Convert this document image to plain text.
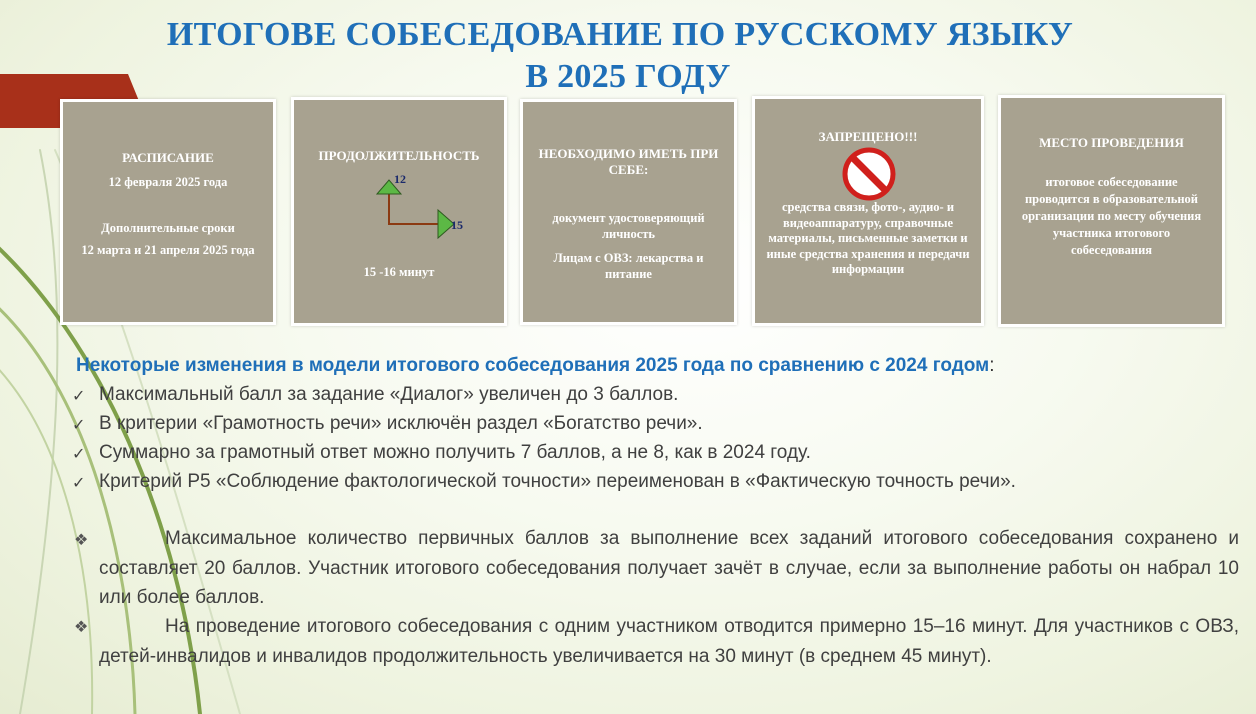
ИТОГОВЕ СОБЕСЕДОВАНИЕ ПО РУССКОМУ ЯЗЫКУ
В 2025 ГОДУ
РАСПИСАНИЕ
12 февраля 2025 года
Дополнительные сроки
12 марта и 21 апреля 2025 года
ПРОДОЛЖИТЕЛЬНОСТЬ
12
15
15 -16 минут
НЕОБХОДИМО ИМЕТЬ ПРИ СЕБЕ:
документ удостоверяющий личность
Лицам с ОВЗ: лекарства и питание
ЗАПРЕЩЕНО!!!
средства связи, фото-, аудио- и видеоаппаратуру, справочные материалы, письменные заметки и иные средства хранения и передачи информации
МЕСТО ПРОВЕДЕНИЯ
итоговое собеседование проводится в образовательной организации по месту обучения участника итогового собеседования
Некоторые изменения в модели итогового собеседования 2025 года по сравнению с 2024 годом:
✓ Максимальный балл за задание «Диалог» увеличен до 3 баллов.
✓ В критерии «Грамотность речи» исключён раздел «Богатство речи».
✓ Суммарно за грамотный ответ можно получить 7 баллов, а не 8, как в 2024 году.
✓ Критерий Р5 «Соблюдение фактологической точности» переименован в «Фактическую точность речи».
❖	Максимальное количество первичных баллов за выполнение всех заданий итогового собеседования сохранено и составляет 20 баллов. Участник итогового собеседования получает зачёт в случае, если за выполнение работы он набрал 10 или более баллов.
❖	На проведение итогового собеседования с одним участником отводится примерно 15–16 минут. Для участников с ОВЗ, детей-инвалидов и инвалидов продолжительность увеличивается на 30 минут (в среднем 45 минут).
